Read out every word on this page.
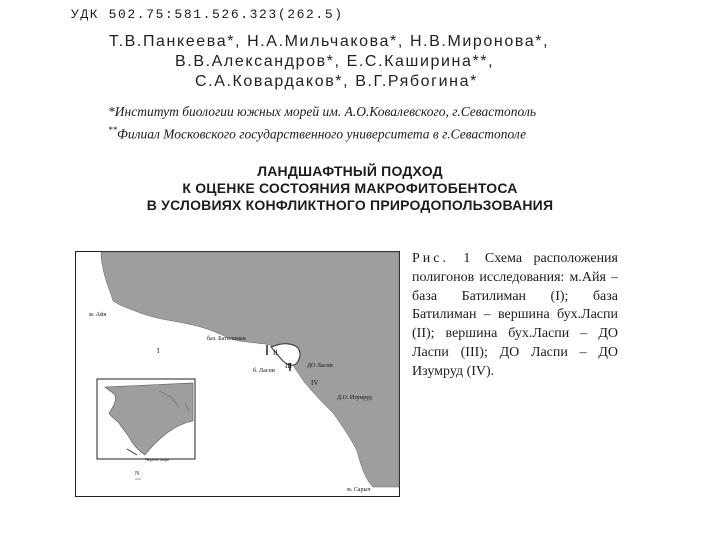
УДК 502.75:581.526.323(262.5)
Т.В.Панкеева*, Н.А.Мильчакова*, Н.В.Миронова*,
В.В.Александров*, Е.С.Каширина**,
С.А.Ковардаков*, В.Г.Рябогина*
*Институт биологии южных морей им. А.О.Ковалевского, г.Севастополь
**Филиал Московского государственного университета в г.Севастополе
ЛАНДШАФТНЫЙ ПОДХОД
К ОЦЕНКЕ СОСТОЯНИЯ МАКРОФИТОБЕНТОСА
В УСЛОВИЯХ КОНФЛИКТНОГО ПРИРОДОПОЛЬЗОВАНИЯ
Черное море
N
ˇˇˇ
м. Айя
баз. Батилиман
I	II
III
б. Ласпи
ДО Ласпи
IV
Д.О. Изумруд
м. Сарыч
Рис. 1 Схема расположения полигонов исследования: м.Айя – база Батилиман (I); база Батилиман – вершина бух.Ласпи (II); вершина бух.Ласпи – ДО Ласпи (III); ДО Ласпи – ДО Изумруд (IV).
